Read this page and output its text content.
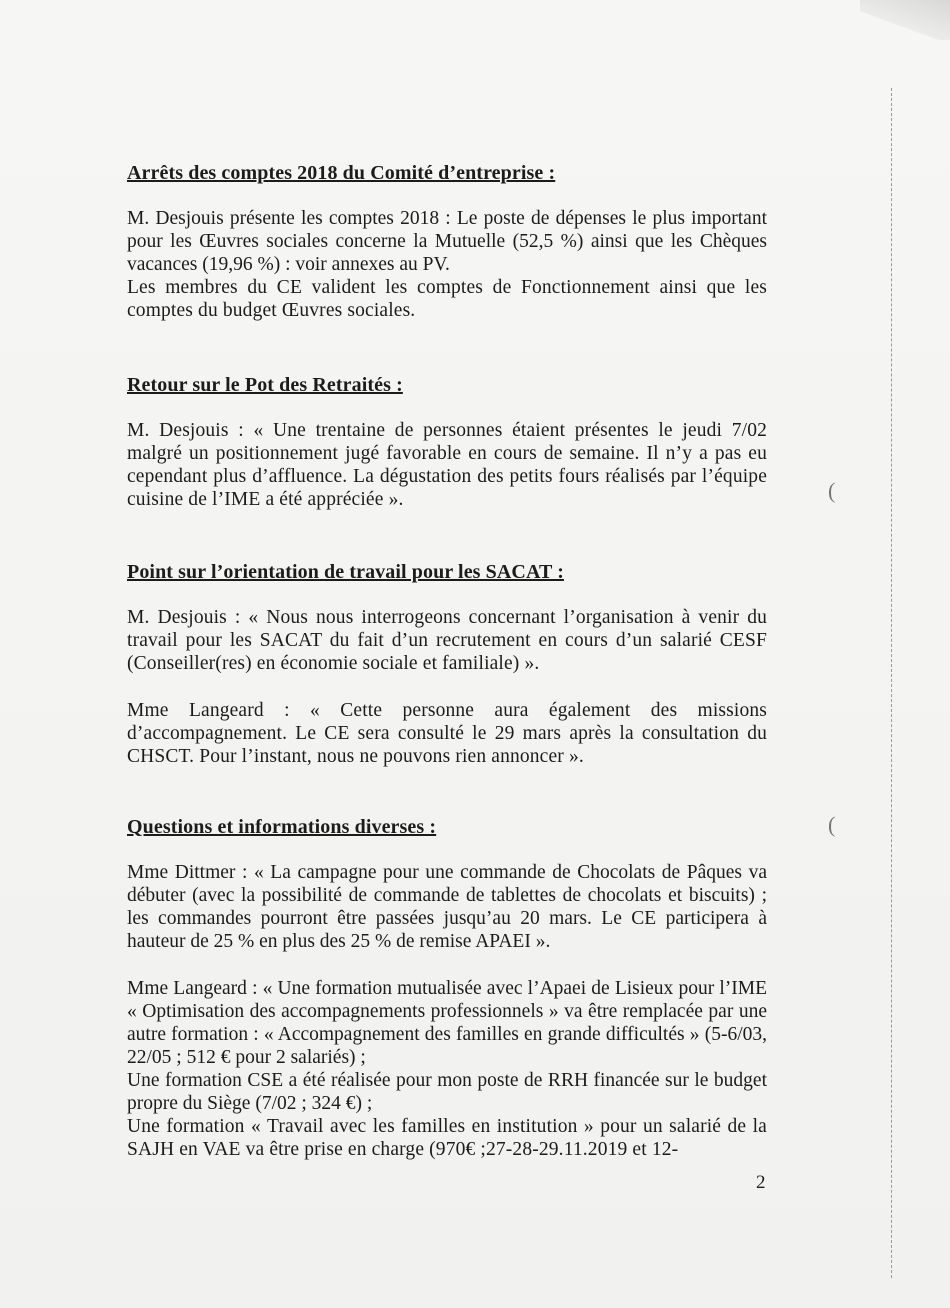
(
(

Arrêts des comptes 2018 du Comité d’entreprise :

M. Desjouis présente les comptes 2018 : Le poste de dépenses le plus important pour les Œuvres sociales concerne la Mutuelle (52,5 %) ainsi que les Chèques vacances (19,96 %) : voir annexes au PV.

Les membres du CE valident les comptes de Fonctionnement ainsi que les comptes du budget Œuvres sociales.

Retour sur le Pot des Retraités :

M. Desjouis : « Une trentaine de personnes étaient présentes le jeudi 7/02 malgré un positionnement jugé favorable en cours de semaine. Il n’y a pas eu cependant plus d’affluence. La dégustation des petits fours réalisés par l’équipe cuisine de l’IME a été appréciée ».

Point sur l’orientation de travail pour les SACAT :

M. Desjouis : « Nous nous interrogeons concernant l’organisation à venir du travail pour les SACAT du fait d’un recrutement en cours d’un salarié CESF (Conseiller(res) en économie sociale et familiale) ».

Mme Langeard : « Cette personne aura également des missions d’accompagnement. Le CE sera consulté le 29 mars après la consultation du CHSCT. Pour l’instant, nous ne pouvons rien annoncer ».

Questions et informations diverses :

Mme Dittmer : « La campagne pour une commande de Chocolats de Pâques va débuter (avec la possibilité de commande de tablettes de chocolats et biscuits) ; les commandes pourront être passées jusqu’au 20 mars. Le CE participera à hauteur de 25 % en plus des 25 % de remise APAEI ».

Mme Langeard : « Une formation mutualisée avec l’Apaei de Lisieux pour l’IME « Optimisation des accompagnements professionnels » va être remplacée par une autre formation : « Accompagnement des familles en grande difficultés » (5-6/03, 22/05 ; 512 € pour 2 salariés) ;

Une formation CSE a été réalisée pour mon poste de RRH financée sur le budget propre du Siège (7/02 ; 324 €) ;

Une formation « Travail avec les familles en institution » pour un salarié de la SAJH en VAE va être prise en charge (970€ ;27-28-29.11.2019 et 12-

2
